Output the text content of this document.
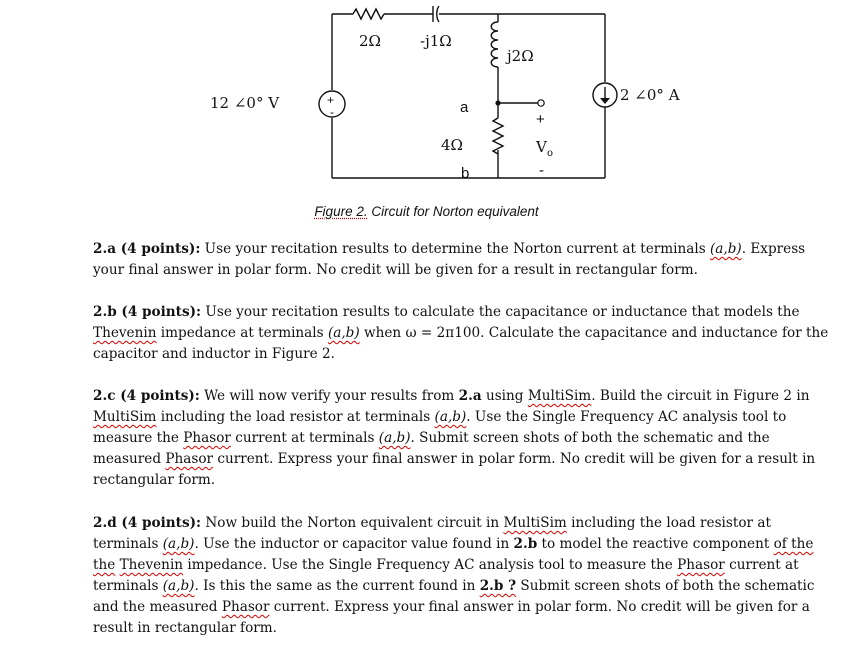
2Ω	-j1Ω
j2Ω
4Ω
12 ∠0° V	2 ∠0° A
V o
+
-	a
b
+
-
Figure 2. Circuit for Norton equivalent

2.a (4 points): Use your recitation results to determine the Norton current at terminals (a,b). Express your final answer in polar form. No credit will be given for a result in rectangular form.

2.b (4 points): Use your recitation results to calculate the capacitance or inductance that models the Thevenin impedance at terminals (a,b) when ω = 2π100. Calculate the capacitance and inductance for the capacitor and inductor in Figure 2.

2.c (4 points): We will now verify your results from 2.a using MultiSim. Build the circuit in Figure 2 in MultiSim including the load resistor at terminals (a,b). Use the Single Frequency AC analysis tool to measure the Phasor current at terminals (a,b). Submit screen shots of both the schematic and the measured Phasor current. Express your final answer in polar form. No credit will be given for a result in rectangular form.

2.d (4 points): Now build the Norton equivalent circuit in MultiSim including the load resistor at terminals (a,b). Use the inductor or capacitor value found in 2.b to model the reactive component of the the Thevenin impedance. Use the Single Frequency AC analysis tool to measure the Phasor current at terminals (a,b). Is this the same as the current found in 2.b ? Submit screen shots of both the schematic and the measured Phasor current. Express your final answer in polar form. No credit will be given for a result in rectangular form.
